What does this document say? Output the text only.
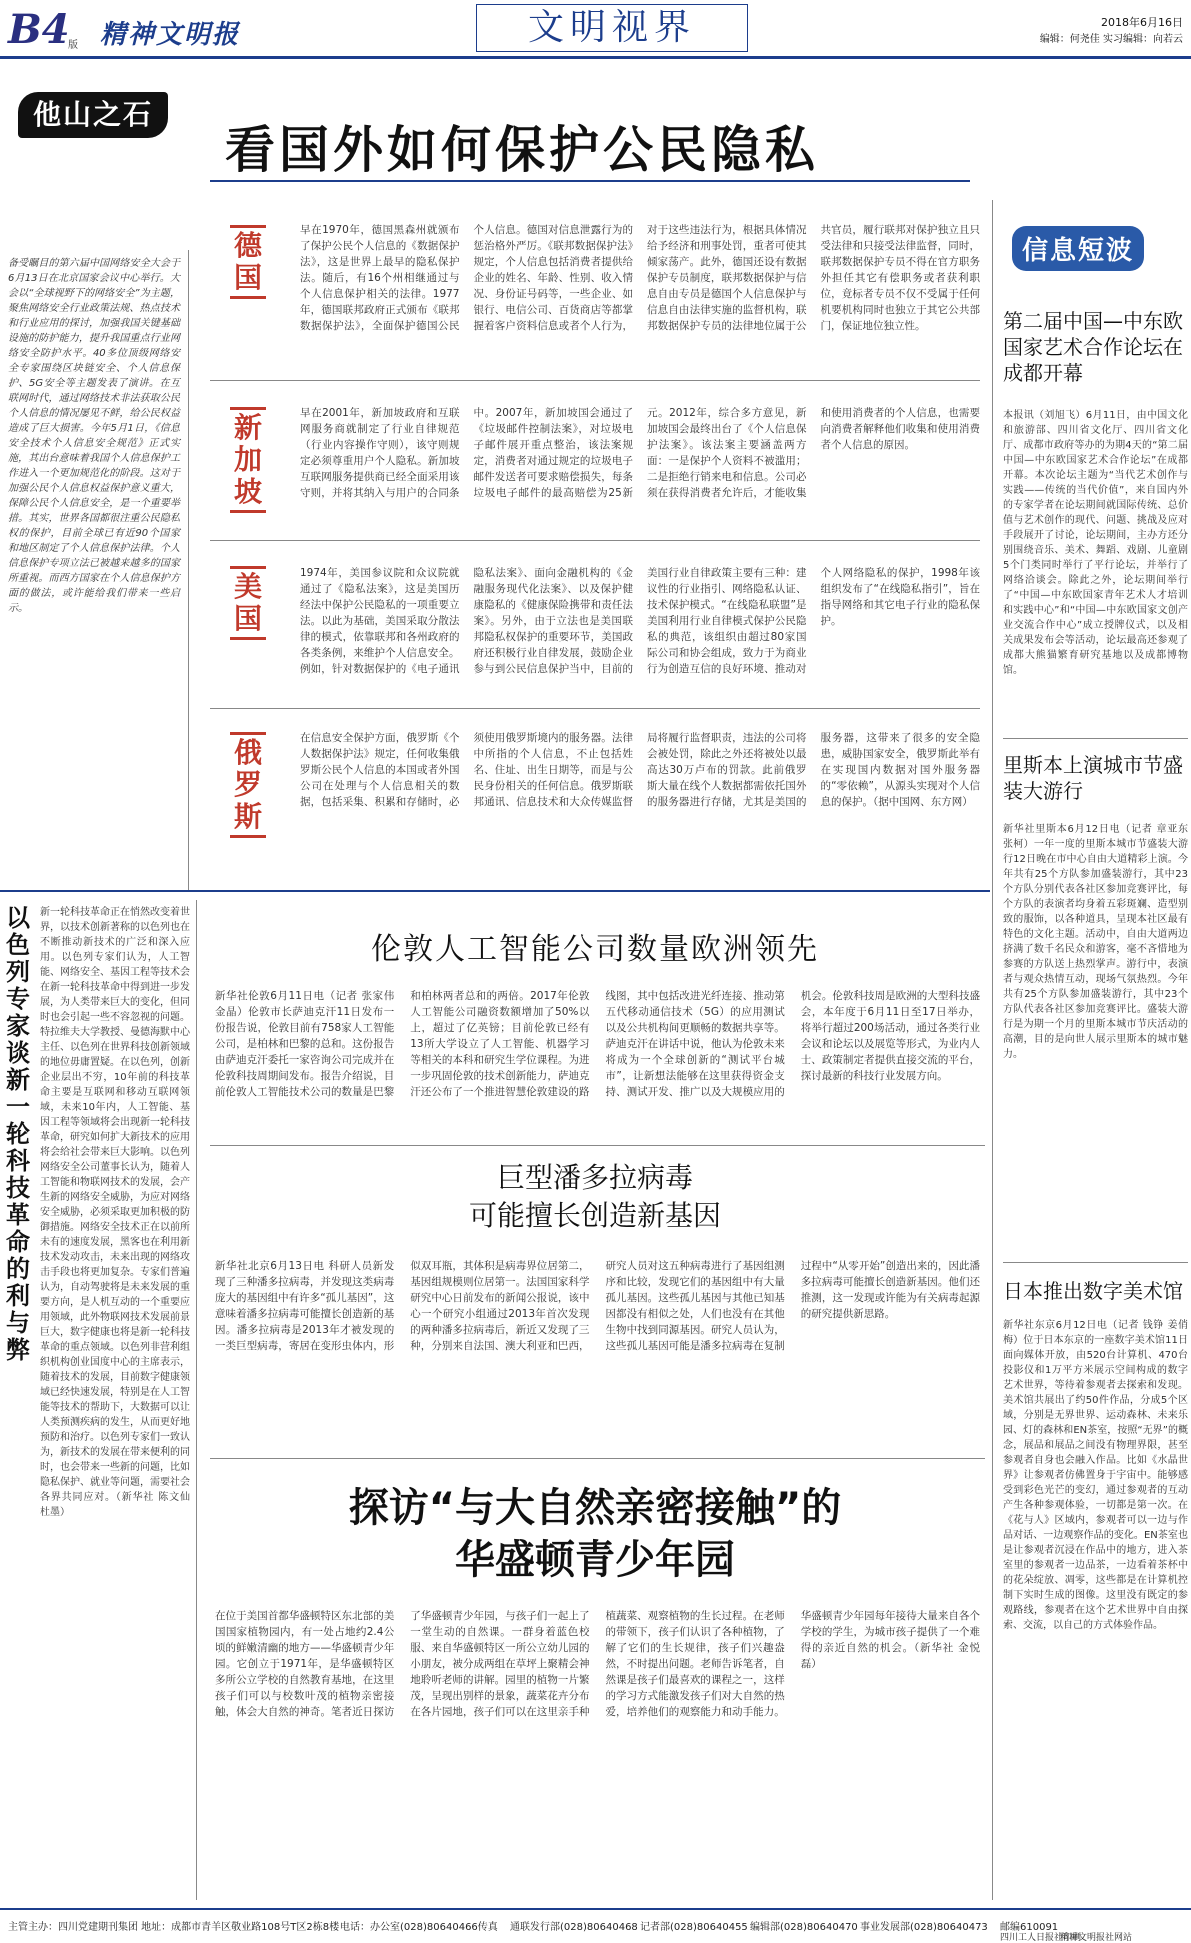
B4
版 精神文明报	文明视界	2018年6月16日
编辑：何尧佳 实习编辑：向若云
他山之石
看国外如何保护公民隐私
备受瞩目的第六届中国网络安全大会于6月13日在北京国家会议中心举行。大会以“全球视野下的网络安全”为主题，聚焦网络安全行业政策法规、热点技术和行业应用的探讨，加强我国关键基础设施的防护能力，提升我国重点行业网络安全防护水平。40多位顶级网络安全专家围绕区块链安全、个人信息保护、5G安全等主题发表了演讲。在互联网时代，通过网络技术非法获取公民个人信息的情况屡见不鲜，给公民权益造成了巨大损害。今年5月1日，《信息安全技术个人信息安全规范》正式实施，其出台意味着我国个人信息保护工作进入一个更加规范化的阶段。这对于加强公民个人信息权益保护意义重大，保障公民个人信息安全，是一个重要举措。其实，世界各国都很注重公民隐私权的保护，目前全球已有近90个国家和地区制定了个人信息保护法律。个人信息保护专项立法已被越来越多的国家所重视。而西方国家在个人信息保护方面的做法，或许能给我们带来一些启示。
德国
早在1970年，德国黑森州就颁布了保护公民个人信息的《数据保护法》，这是世界上最早的隐私保护法。随后，有16个州相继通过与个人信息保护相关的法律。1977年，德国联邦政府正式颁布《联邦数据保护法》，全面保护德国公民个人信息。德国对信息泄露行为的惩治格外严厉。《联邦数据保护法》规定，个人信息包括消费者提供给企业的姓名、年龄、性别、收入情况、身份证号码等，一些企业、如银行、电信公司、百货商店等都掌握着客户资料信息或者个人行为，对于这些违法行为，根据具体情况给予经济和刑事处罚，重者可使其倾家荡产。此外，德国还设有数据保护专员制度，联邦数据保护与信息自由专员是德国个人信息保护与信息自由法律实施的监督机构，联邦数据保护专员的法律地位属于公共官员，履行联邦对保护独立且只受法律和只接受法律监督，同时，联邦数据保护专员不得在官方职务外担任其它有偿职务或者获利职位，竟标者专员不仅不受属于任何机要机构同时也独立于其它公共部门，保证地位独立性。
新加坡
早在2001年，新加坡政府和互联网服务商就制定了行业自律规范（行业内容操作守则），该守则规定必须尊重用户个人隐私。新加坡互联网服务提供商已经全面采用该守则，并将其纳入与用户的合同条中。2007年，新加坡国会通过了《垃圾邮件控制法案》，对垃圾电子邮件展开重点整治，该法案规定，消费者对通过规定的垃圾电子邮件发送者可要求赔偿损失，每条垃圾电子邮件的最高赔偿为25新元。2012年，综合多方意见，新加坡国会最终出台了《个人信息保护法案》。该法案主要涵盖两方面：一是保护个人资料不被滥用；二是拒绝行销来电和信息。公司必须在获得消费者允许后，才能收集和使用消费者的个人信息，也需要向消费者解释他们收集和使用消费者个人信息的原因。
美国
1974年，美国参议院和众议院就通过了《隐私法案》，这是美国历经法中保护公民隐私的一项重要立法。以此为基础，美国采取分散法律的模式，依靠联邦和各州政府的各类条例，来维护个人信息安全。例如，针对数据保护的《电子通讯隐私法案》、面向金融机构的《金融服务现代化法案》、以及保护健康隐私的《健康保险携带和责任法案》。另外，由于立法也是美国联邦隐私权保护的重要环节，美国政府还积极行业自律发展，鼓励企业参与到公民信息保护当中，目前的美国行业自律政策主要有三种：建议性的行业指引、网络隐私认证、技术保护模式。“在线隐私联盟”是美国利用行业自律模式保护公民隐私的典范，该组织由超过80家国际公司和协会组成，致力于为商业行为创造互信的良好环境、推动对个人网络隐私的保护，1998年该组织发布了“在线隐私指引”，旨在指导网络和其它电子行业的隐私保护。
俄罗斯
在信息安全保护方面，俄罗斯《个人数据保护法》规定，任何收集俄罗斯公民个人信息的本国或者外国公司在处理与个人信息相关的数据，包括采集、积累和存储时，必须使用俄罗斯境内的服务器。法律中所指的个人信息，不止包括姓名、住址、出生日期等，而是与公民身份相关的任何信息。俄罗斯联邦通讯、信息技术和大众传媒监督局将履行监督职责，违法的公司将会被处罚，除此之外还将被处以最高达30万卢布的罚款。此前俄罗斯大量在线个人数据都需依托国外的服务器进行存储，尤其是美国的服务器，这带来了很多的安全隐患，威胁国家安全，俄罗斯此举有在实现国内数据对国外服务器的“零依赖”，从源头实现对个人信息的保护。（据中国网、东方网）
信息短波
第二届中国—中东欧国家艺术合作论坛在成都开幕
本报讯（刘旭飞）6月11日，由中国文化和旅游部、四川省文化厅、四川省文化厅、成都市政府等办的为期4天的“第二届中国—中东欧国家艺术合作论坛”在成都开幕。本次论坛主题为“当代艺术创作与实践——传统的当代价值”，来自国内外的专家学者在论坛期间就国际传统、总价值与艺术创作的现代、问题、挑战及应对手段展开了讨论，论坛期间，主办方还分别围绕音乐、美术、舞蹈、戏剧、儿童剧5个门类同时举行了平行论坛，并举行了网络洽谈会。除此之外，论坛期间举行了“中国—中东欧国家青年艺术人才培训和实践中心”和“中国—中东欧国家文创产业交流合作中心”成立授牌仪式，以及相关成果发布会等活动，论坛最高还参观了成都大熊猫繁育研究基地以及成都博物馆。
里斯本上演城市节盛装大游行
新华社里斯本6月12日电（记者 章亚东 张柯）一年一度的里斯本城市节盛装大游行12日晚在市中心自由大道精彩上演。今年共有25个方队参加盛装游行，其中23个方队分别代表各社区参加竞赛评比，每个方队的表演者均身着五彩斑斓、造型别致的服饰，以各种道具，呈现本社区最有特色的文化主题。活动中，自由大道两边挤满了数千名民众和游客，毫不吝惜地为参赛的方队送上热烈掌声。游行中，表演者与观众热情互动，现场气氛热烈。今年共有25个方队参加盛装游行，其中23个方队代表各社区参加竞赛评比。盛装大游行是为期一个月的里斯本城市节庆活动的高潮，目的是向世人展示里斯本的城市魅力。
日本推出数字美术馆
新华社东京6月12日电（记者 钱铮 姜俏梅）位于日本东京的一座数字美术馆11日面向媒体开放，由520台计算机、470台投影仪和1万平方米展示空间构成的数字艺术世界，等待着参观者去探索和发现。美术馆共展出了约50件作品，分成5个区域，分别是无界世界、运动森林、未来乐园、灯的森林和EN茶室，按照“无界”的概念，展品和展品之间没有物理界限，甚至参观者自身也会融入作品。比如《水晶世界》让参观者仿佛置身于宇宙中。能够感受到彩色光芒的变幻，通过参观者的互动产生各种参观体验，一切都是第一次。在《花与人》区域内，参观者可以一边与作品对话、一边观察作品的变化。EN茶室也是让参观者沉浸在作品中的地方，进入茶室里的参观者一边品茶，一边看着茶杯中的花朵绽放、凋零，这些都是在计算机控制下实时生成的图像。这里没有既定的参观路线，参观者在这个艺术世界中自由探索、交流，以自己的方式体验作品。
以色列专家谈新一轮科技革命的利与弊
新一轮科技革命正在悄然改变着世界，以技术创新著称的以色列也在不断推动新技术的广泛和深入应用。以色列专家们认为，人工智能、网络安全、基因工程等技术会在新一轮科技革命中得到进一步发展，为人类带来巨大的变化，但同时也会引起一些不容忽视的问题。特拉维夫大学教授、曼德海默中心主任、以色列在世界科技创新领域的地位毋庸置疑。在以色列，创新企业层出不穷，10年前的科技革命主要是互联网和移动互联网领域，未来10年内，人工智能、基因工程等领域将会出现新一轮科技革命，研究如何扩大新技术的应用将会给社会带来巨大影响。以色列网络安全公司董事长认为，随着人工智能和物联网技术的发展，会产生新的网络安全威胁，为应对网络安全威胁，必须采取更加积极的防御措施。网络安全技术正在以前所未有的速度发展，黑客也在利用新技术发动攻击，未来出现的网络攻击手段也将更加复杂。专家们普遍认为，自动驾驶将是未来发展的重要方向，是人机互动的一个重要应用领域，此外物联网技术发展前景巨大，数字健康也将是新一轮科技革命的重点领域。以色列非营利组织机构创业国度中心的主席表示，随着技术的发展，目前数字健康领域已经快速发展，特别是在人工智能等技术的帮助下，大数据可以让人类预测疾病的发生，从而更好地预防和治疗。以色列专家们一致认为，新技术的发展在带来便利的同时，也会带来一些新的问题，比如隐私保护、就业等问题，需要社会各界共同应对。（新华社 陈文仙 杜墨）
伦敦人工智能公司数量欧洲领先
新华社伦敦6月11日电（记者 张家伟 金晶）伦敦市长萨迪克汗11日发布一份报告说，伦敦目前有758家人工智能公司，是柏林和巴黎的总和。这份报告由萨迪克汗委托一家咨询公司完成并在伦敦科技周期间发布。报告介绍说，目前伦敦人工智能技术公司的数量是巴黎和柏林两者总和的两倍。2017年伦敦人工智能公司融资数额增加了50%以上，超过了亿英镑；目前伦敦已经有13所大学设立了人工智能、机器学习等相关的本科和研究生学位课程。为进一步巩固伦敦的技术创新能力，萨迪克汗还公布了一个推进智慧伦敦建设的路线图，其中包括改进光纤连接、推动第五代移动通信技术（5G）的应用测试以及公共机构间更顺畅的数据共享等。萨迪克汗在讲话中说，他认为伦敦未来将成为一个全球创新的“测试平台城市”，让新想法能够在这里获得资金支持、测试开发、推广以及大规模应用的机会。伦敦科技周是欧洲的大型科技盛会，本年度于6月11日至17日举办，将举行超过200场活动，通过各类行业会议和论坛以及展览等形式，为业内人士、政策制定者提供直接交流的平台，探讨最新的科技行业发展方向。
巨型潘多拉病毒
可能擅长创造新基因
新华社北京6月13日电 科研人员新发现了三种潘多拉病毒，并发现这类病毒庞大的基因组中有许多“孤儿基因”，这意味着潘多拉病毒可能擅长创造新的基因。潘多拉病毒是2013年才被发现的一类巨型病毒，寄居在变形虫体内，形似双耳瓶，其体积是病毒界位居第二，基因组规模则位居第一。法国国家科学研究中心日前发布的新闻公报说，该中心一个研究小组通过2013年首次发现的两种潘多拉病毒后，新近又发现了三种，分别来自法国、澳大利亚和巴西，研究人员对这五种病毒进行了基因组测序和比较，发现它们的基因组中有大量孤儿基因。这些孤儿基因与其他已知基因都没有相似之处，人们也没有在其他生物中找到同源基因。研究人员认为，这些孤儿基因可能是潘多拉病毒在复制过程中“从零开始”创造出来的，因此潘多拉病毒可能擅长创造新基因。他们还推测，这一发现或许能为有关病毒起源的研究提供新思路。
探访“与大自然亲密接触”的
华盛顿青少年园
在位于美国首都华盛顿特区东北部的美国国家植物园内，有一处占地约2.4公顷的鲜嫩清幽的地方——华盛顿青少年园。它创立于1971年，是华盛顿特区多所公立学校的自然教育基地，在这里孩子们可以与校数叶茂的植物亲密接触，体会大自然的神奇。笔者近日探访了华盛顿青少年园，与孩子们一起上了一堂生动的自然课。一群身着蓝色校服、来自华盛顿特区一所公立幼儿园的小朋友，被分成两组在草坪上聚精会神地聆听老师的讲解。园里的植物一片繁茂，呈现出别样的景象，蔬菜花卉分布在各片园地，孩子们可以在这里亲手种植蔬菜、观察植物的生长过程。在老师的带领下，孩子们认识了各种植物，了解了它们的生长规律，孩子们兴趣盎然，不时提出问题。老师告诉笔者，自然课是孩子们最喜欢的课程之一，这样的学习方式能激发孩子们对大自然的热爱，培养他们的观察能力和动手能力。华盛顿青少年园每年接待大量来自各个学校的学生，为城市孩子提供了一个难得的亲近自然的机会。（新华社 金悦磊）
主管主办：四川党建期刊集团 地址：成都市青羊区敬业路108号T区2栋8楼 电话：办公室(028)80640466传真 通联发行部(028)80640468 记者部(028)80640455 编辑部(028)80640470 事业发展部(028)80640473 邮编610091
精神文明报社网站
四川工人日报社印刷
